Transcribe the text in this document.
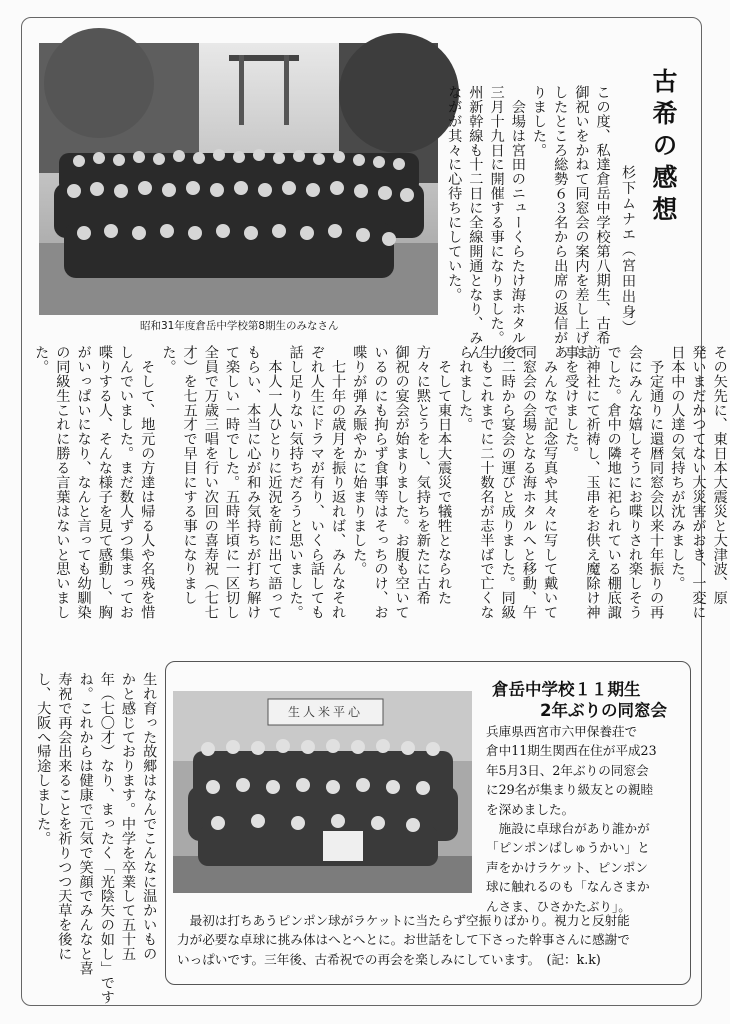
昭和31年度倉岳中学校第8期生のみなさん
古希の感想
杉下ムナエ（宮田出身）
この度、私達倉岳中学校第八期生、古希
御祝いをかねて同窓会の案内を差し上げま
したところ総勢６３名から出席の返信があ
りました。
　会場は宮田のニューくらたけ海ホタルで
三月十九日に開催する事になりました。九
州新幹線も十二日に全線開通となり、みん
ながが其々に心待ちにしていた。
その矢先に、東日本大震災と大津波、原
発いまだかつてない大災害がおき、一変に
日本中の人達の気持ちが沈みました。
　予定通りに還暦同窓会以来十年振りの再
会にみんな嬉しそうにお喋りされ楽しそう
でした。倉中の隣地に祀られている棚底諏
訪神社にて祈祷し、玉串をお供え魔除け神
事を受けました。
　みんなで記念写真や其々に写して戴いて
同窓会の会場となる海ホタルへと移動、午
後二時から宴会の運びと成りました。同級
生もこれまでに二十数名が志半ばで亡くな
られました。
　そして東日本大震災で犠牲となられた
方々に黙とうをし、気持ちを新たに古希
御祝の宴会が始まりました。お腹も空いて
いるのにも拘らず食事等はそっちのけ、お
喋りが弾み賑やかに始まりました。
　七十年の歳月を振り返れば、みんなそれ
ぞれ人生にドラマが有り、いくら話しても
話し足りない気持ちだろうと思いました。
　本人一人ひとりに近況を前に出て語って
もらい、本当に心が和み気持ちが打ち解け
て楽しい一時でした。五時半頃に一区切し
全員で万歳三唱を行い次回の喜寿祝（七七
才）を七五才で早目にする事になりまし
た。
　そして、地元の方達は帰る人や名残を惜
しんでいました。まだ数人ずつ集まってお
喋りする人、そんな様子を見て感動し、胸
がいっぱいになり、なんと言っても幼馴染
の同級生これに勝る言葉はないと思いまし
た。
生れ育った故郷はなんでこんなに温かいもの
かと感じております。中学を卒業して五十五
年（七〇才）なり、まったく「光陰矢の如し」です
ね。これからは健康で元気で笑顔でみんなと喜
寿祝で再会出来ることを祈りつつ天草を後に
し、大阪へ帰途しました。	生人米平心
倉岳中学校１１期生
2年ぶりの同窓会
兵庫県西宮市六甲保養荘で
倉中11期生関西在住が平成23
年5月3日、2年ぶりの同窓会
に29名が集まり級友との親睦
を深めました。
　施設に卓球台があり誰かが
「ピンポンぱしゅうかい」と
声をかけラケット、ピンポン
球に触れるのも「なんさまか
んさま、ひさかたぶり」。
　最初は打ちあうピンポン球がラケットに当たらず空振りばかり。視力と反射能
力が必要な卓球に挑み体はへとへとに。お世話をして下さった幹事さんに感謝で
いっぱいです。三年後、古希祝での再会を楽しみにしています。　(記：k.k)
